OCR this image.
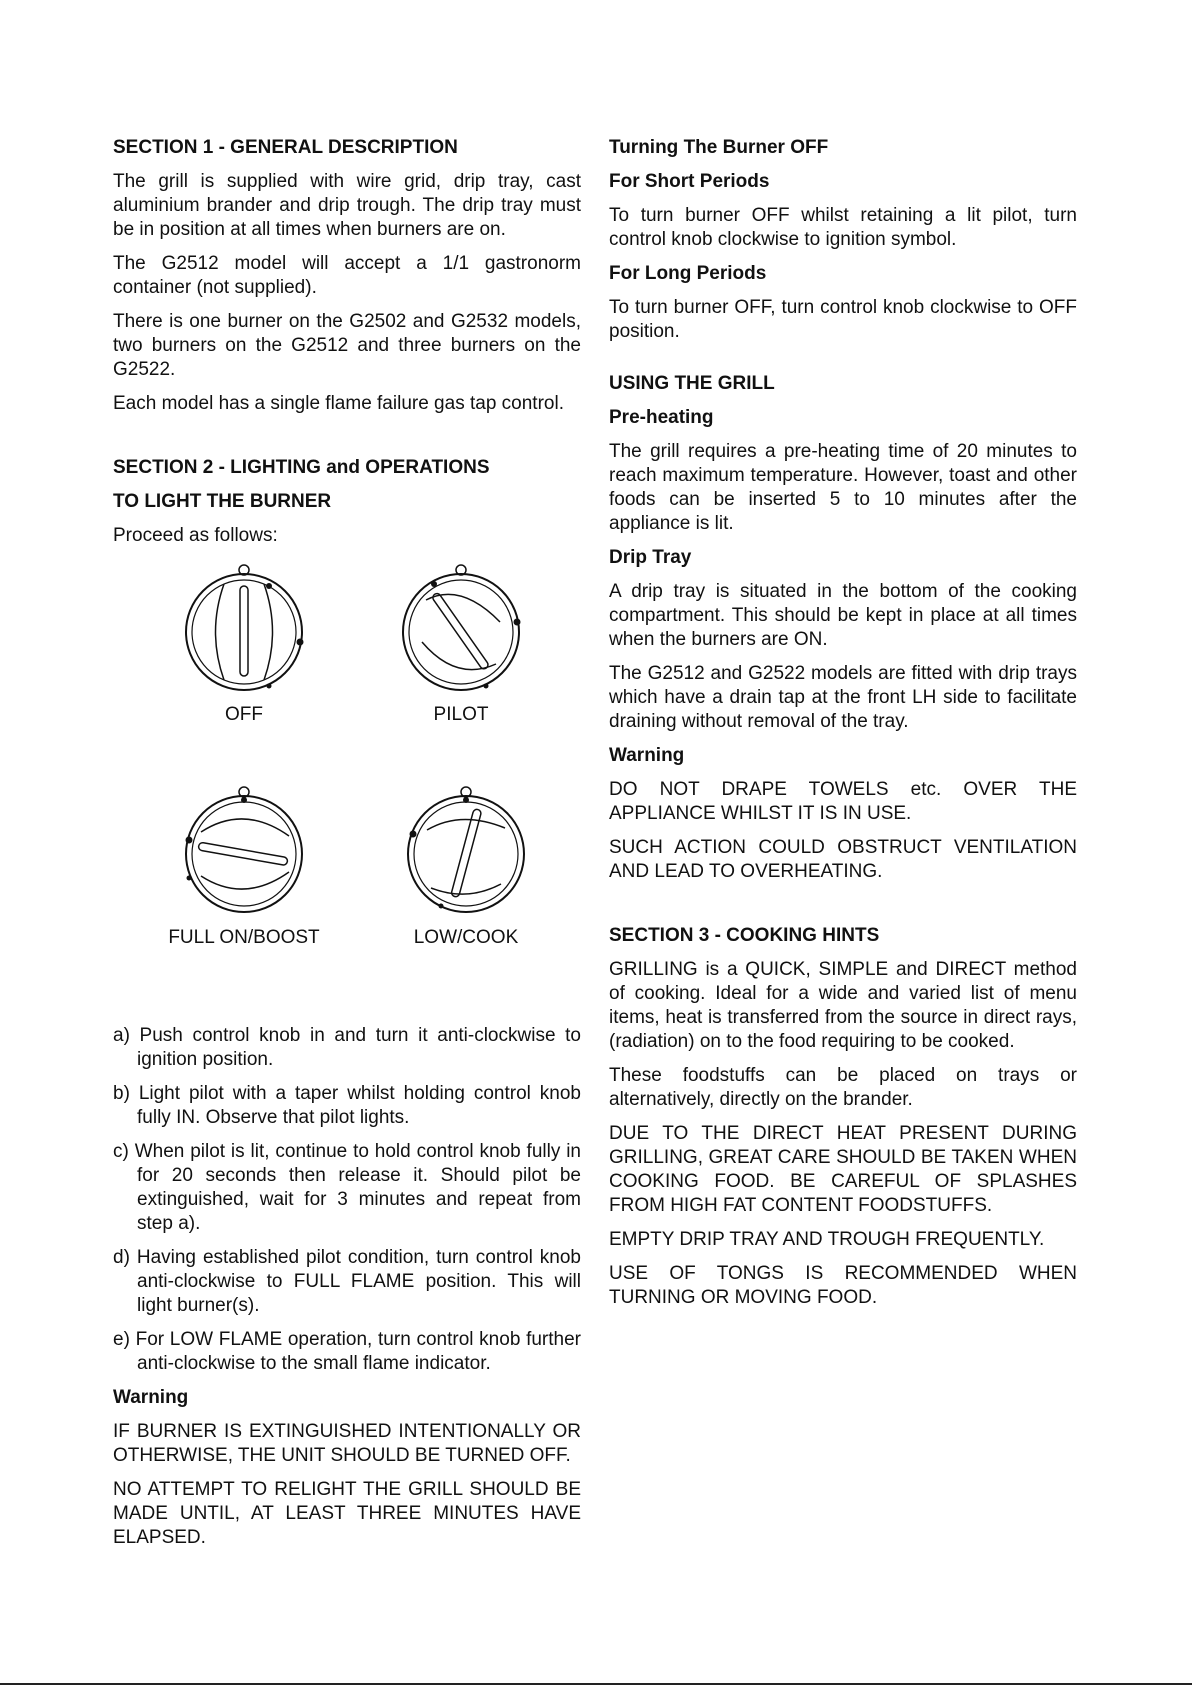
SECTION 1 - GENERAL DESCRIPTION

The grill is supplied with wire grid, drip tray, cast aluminium brander and drip trough. The drip tray must be in position at all times when burners are on.

The G2512 model will accept a 1/1 gastronorm container (not supplied).

There is one burner on the G2502 and G2532 models, two burners on the G2512 and three burners on the G2522.

Each model has a single flame failure gas tap control.

SECTION 2 - LIGHTING and OPERATIONS

TO LIGHT THE BURNER

Proceed as follows:

OFF	PILOT
FULL ON/BOOST	LOW/COOK

a) Push control knob in and turn it anti-clockwise to ignition position.

b) Light pilot with a taper whilst holding control knob fully IN. Observe that pilot lights.

c) When pilot is lit, continue to hold control knob fully in for 20 seconds then release it. Should pilot be extinguished, wait for 3 minutes and repeat from step a).

d) Having established pilot condition, turn control knob anti-clockwise to FULL FLAME position. This will light burner(s).

e) For LOW FLAME operation, turn control knob further anti-clockwise to the small flame indicator.

Warning

IF BURNER IS EXTINGUISHED INTENTIONALLY OR OTHERWISE, THE UNIT SHOULD BE TURNED OFF.

NO ATTEMPT TO RELIGHT THE GRILL SHOULD BE MADE UNTIL, AT LEAST THREE MINUTES HAVE ELAPSED.

Turning The Burner OFF

For Short Periods

To turn burner OFF whilst retaining a lit pilot, turn control knob clockwise to ignition symbol.

For Long Periods

To turn burner OFF, turn control knob clockwise to OFF position.

USING THE GRILL

Pre-heating

The grill requires a pre-heating time of 20 minutes to reach maximum temperature. However, toast and other foods can be inserted 5 to 10 minutes after the appliance is lit.

Drip Tray

A drip tray is situated in the bottom of the cooking compartment. This should be kept in place at all times when the burners are ON.

The G2512 and G2522 models are fitted with drip trays which have a drain tap at the front LH side to facilitate draining without removal of the tray.

Warning

DO NOT DRAPE TOWELS etc. OVER THE APPLIANCE WHILST IT IS IN USE.

SUCH ACTION COULD OBSTRUCT VENTILATION AND LEAD TO OVERHEATING.

SECTION 3 - COOKING HINTS

GRILLING is a QUICK, SIMPLE and DIRECT method of cooking. Ideal for a wide and varied list of menu items, heat is transferred from the source in direct rays, (radiation) on to the food requiring to be cooked.

These foodstuffs can be placed on trays or alternatively, directly on the brander.

DUE TO THE DIRECT HEAT PRESENT DURING GRILLING, GREAT CARE SHOULD BE TAKEN WHEN COOKING FOOD. BE CAREFUL OF SPLASHES FROM HIGH FAT CONTENT FOODSTUFFS.

EMPTY DRIP TRAY AND TROUGH FREQUENTLY.

USE OF TONGS IS RECOMMENDED WHEN TURNING OR MOVING FOOD.
